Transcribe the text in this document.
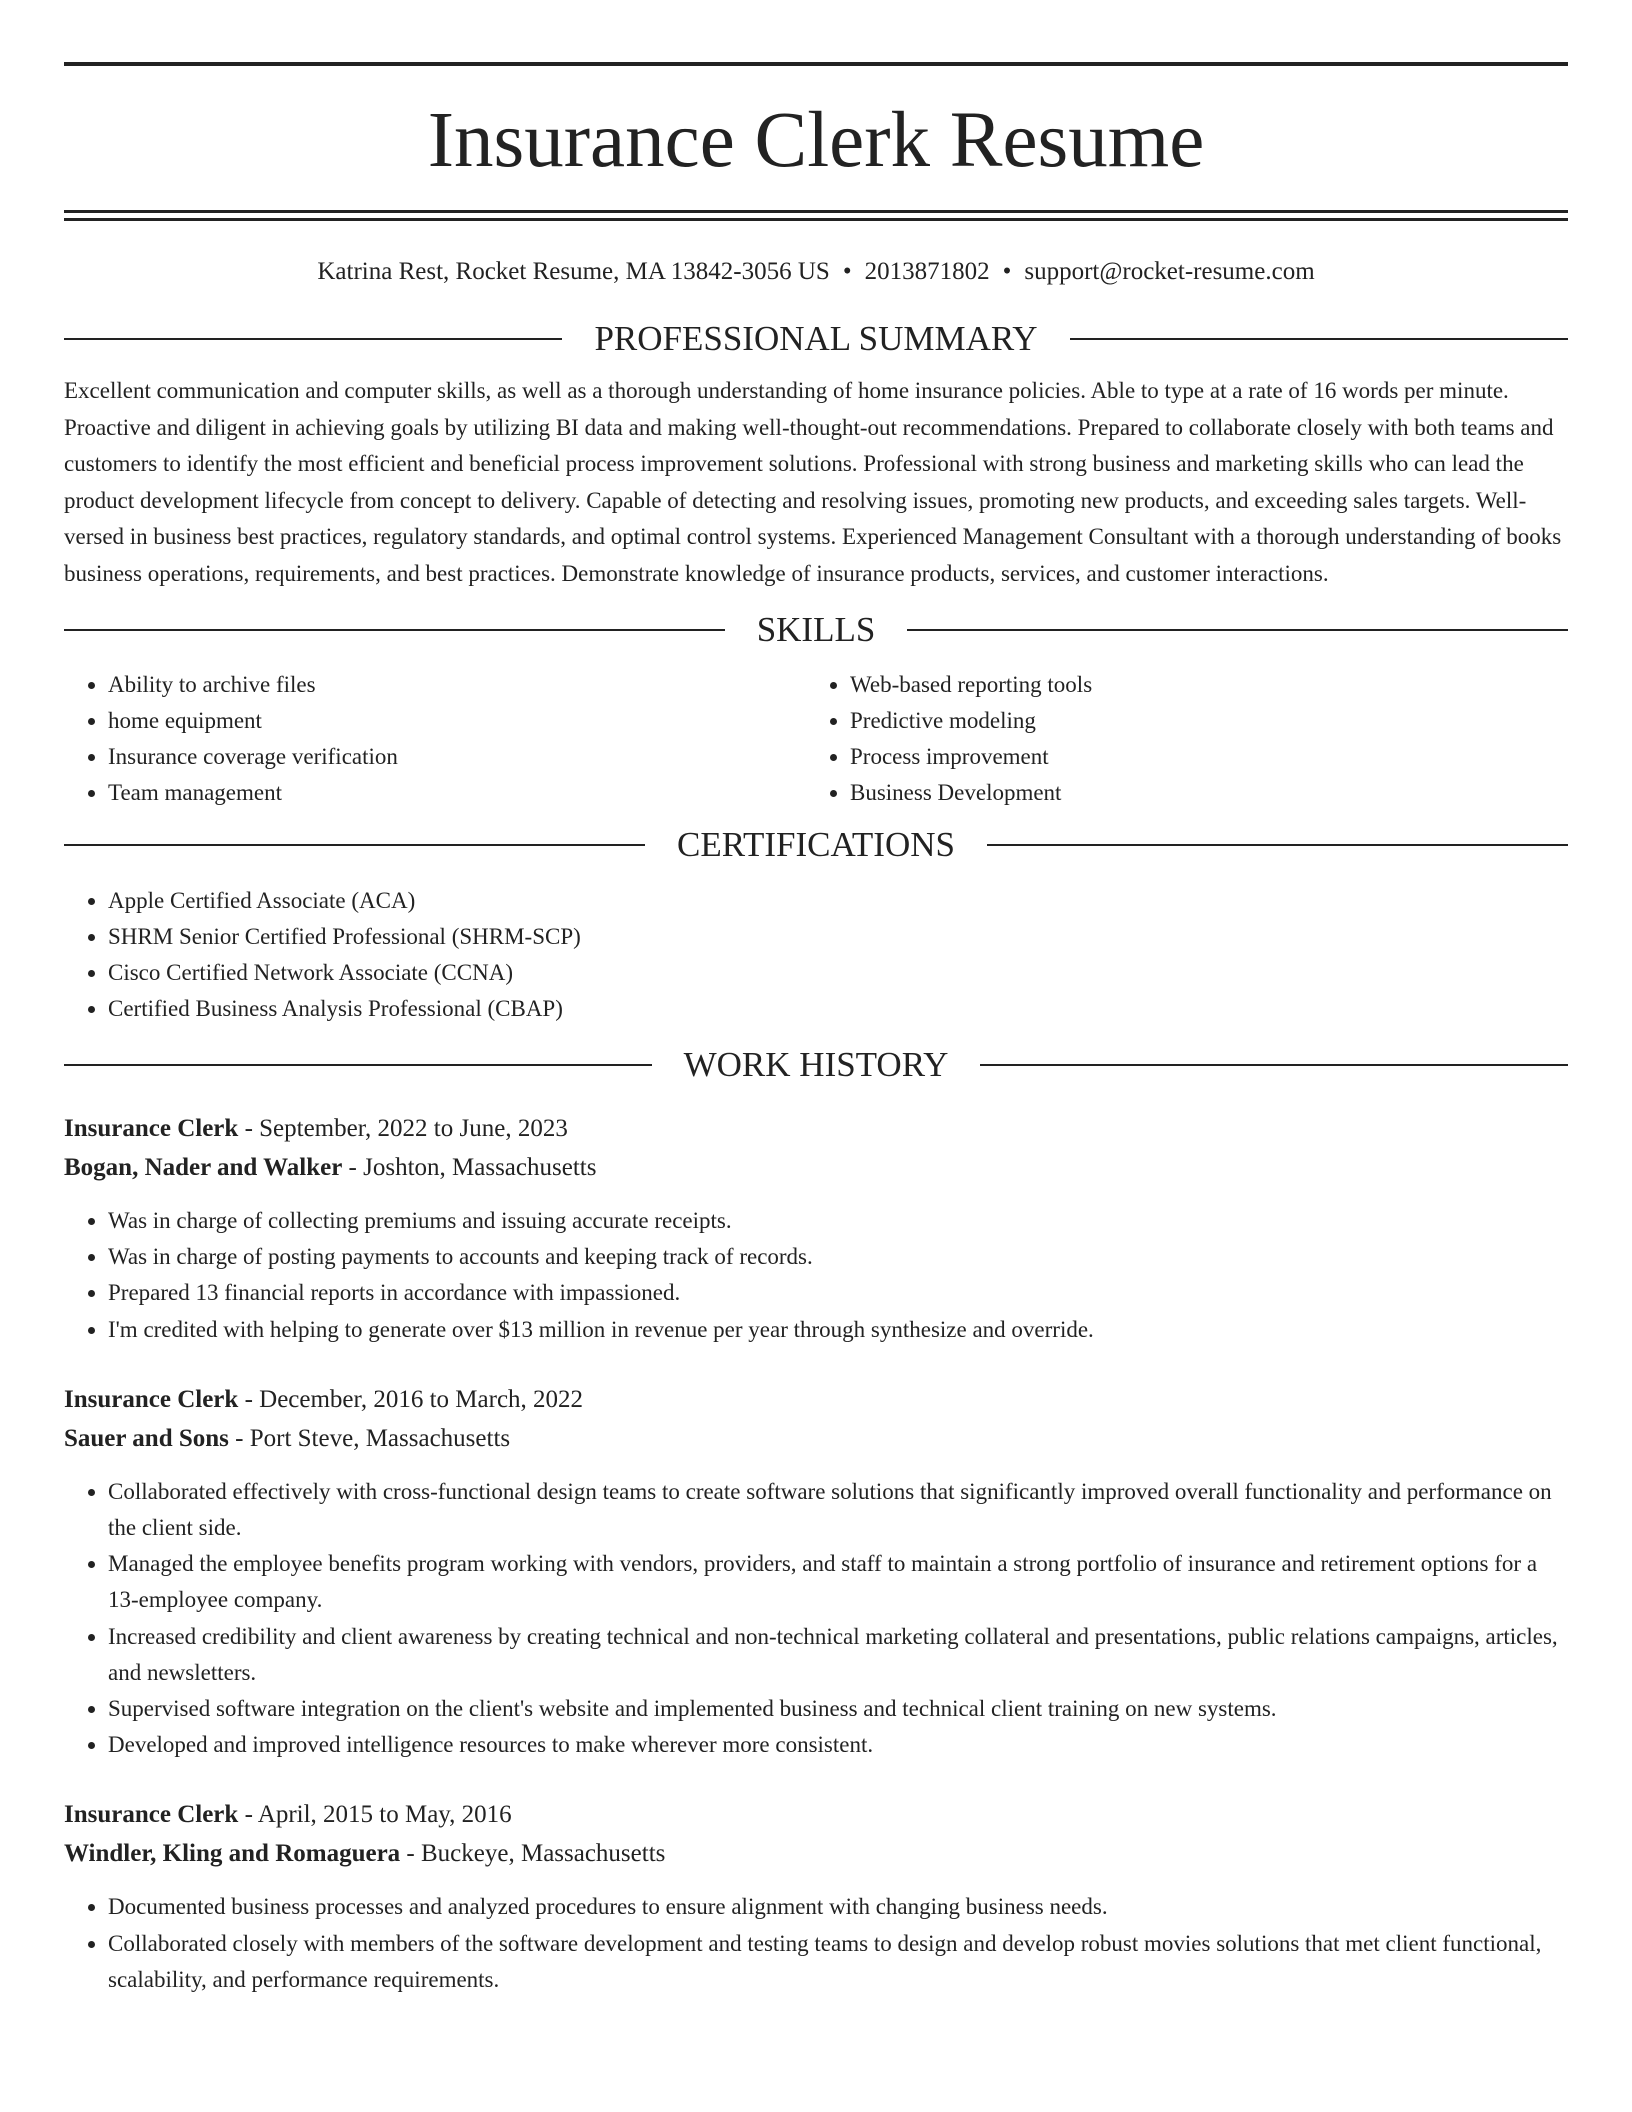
Insurance Clerk Resume
Katrina Rest, Rocket Resume, MA 13842-3056 US • 2013871802 • support@rocket-resume.com
PROFESSIONAL SUMMARY

Excellent communication and computer skills, as well as a thorough understanding of home insurance policies. Able to type at a rate of 16 words per minute. Proactive and diligent in achieving goals by utilizing BI data and making well-thought-out recommendations. Prepared to collaborate closely with both teams and customers to identify the most efficient and beneficial process improvement solutions. Professional with strong business and marketing skills who can lead the product development lifecycle from concept to delivery. Capable of detecting and resolving issues, promoting new products, and exceeding sales targets. Well-versed in business best practices, regulatory standards, and optimal control systems. Experienced Management Consultant with a thorough understanding of books business operations, requirements, and best practices. Demonstrate knowledge of insurance products, services, and customer interactions.

SKILLS
• Ability to archive files
• home equipment
• Insurance coverage verification
• Team management
• Web-based reporting tools
• Predictive modeling
• Process improvement
• Business Development
CERTIFICATIONS
• Apple Certified Associate (ACA)
• SHRM Senior Certified Professional (SHRM-SCP)
• Cisco Certified Network Associate (CCNA)
• Certified Business Analysis Professional (CBAP)
WORK HISTORY
Insurance Clerk - September, 2022 to June, 2023
Bogan, Nader and Walker - Joshton, Massachusetts
• Was in charge of collecting premiums and issuing accurate receipts.
• Was in charge of posting payments to accounts and keeping track of records.
• Prepared 13 financial reports in accordance with impassioned.
• I'm credited with helping to generate over $13 million in revenue per year through synthesize and override.
Insurance Clerk - December, 2016 to March, 2022
Sauer and Sons - Port Steve, Massachusetts
• Collaborated effectively with cross-functional design teams to create software solutions that significantly improved overall functionality and performance on the client side.
• Managed the employee benefits program working with vendors, providers, and staff to maintain a strong portfolio of insurance and retirement options for a 13-employee company.
• Increased credibility and client awareness by creating technical and non-technical marketing collateral and presentations, public relations campaigns, articles, and newsletters.
• Supervised software integration on the client's website and implemented business and technical client training on new systems.
• Developed and improved intelligence resources to make wherever more consistent.
Insurance Clerk - April, 2015 to May, 2016
Windler, Kling and Romaguera - Buckeye, Massachusetts
• Documented business processes and analyzed procedures to ensure alignment with changing business needs.
• Collaborated closely with members of the software development and testing teams to design and develop robust movies solutions that met client functional, scalability, and performance requirements.
